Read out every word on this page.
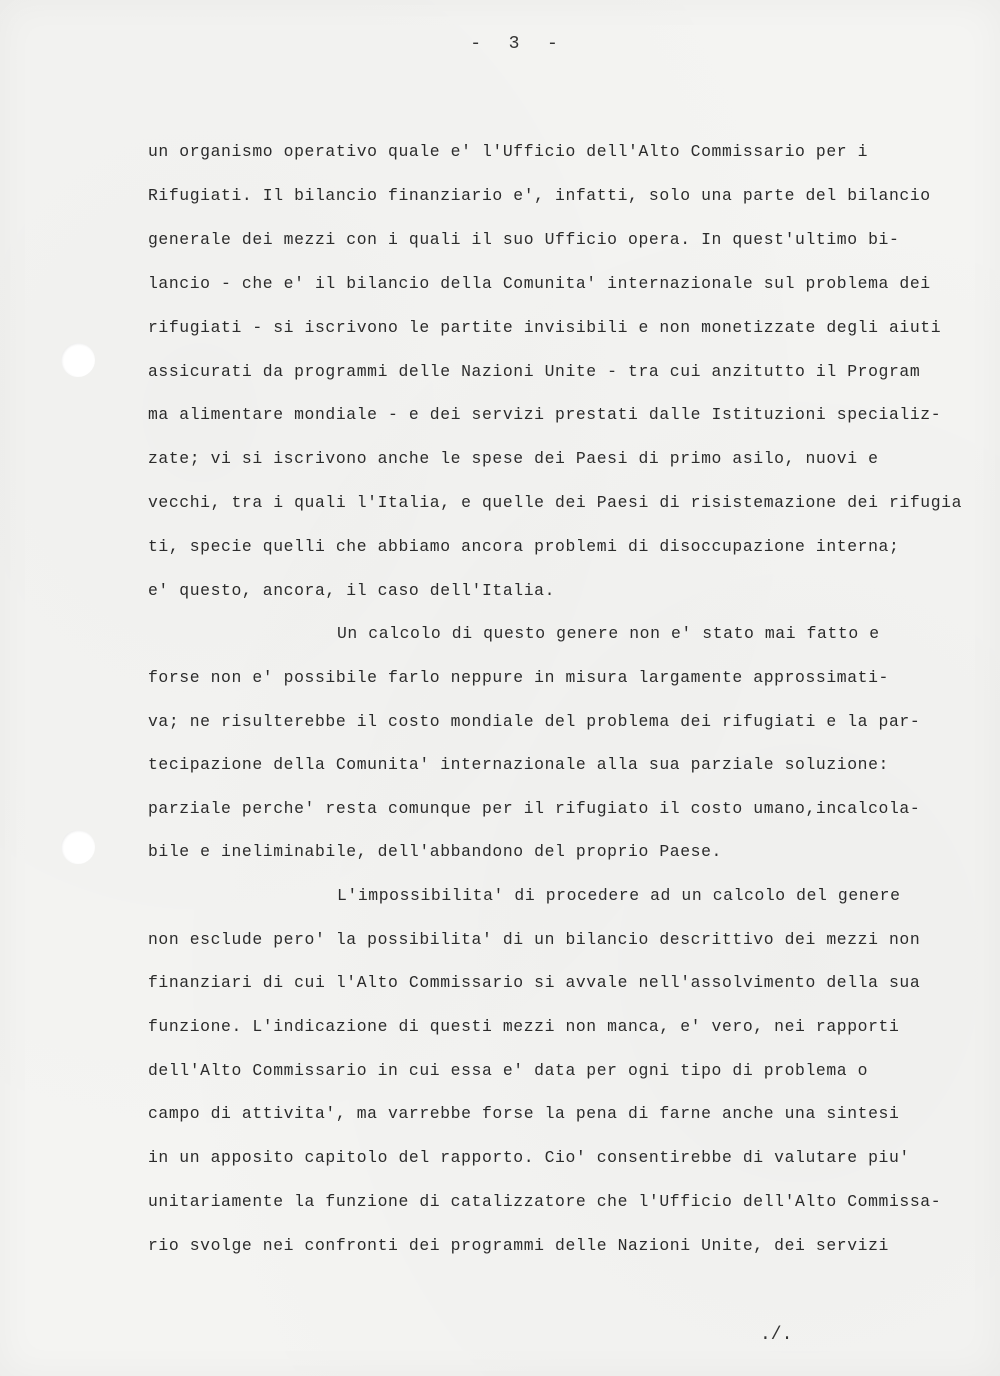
-  3  -
un organismo operativo quale e' l'Ufficio dell'Alto Commissario per i
Rifugiati. Il bilancio finanziario e', infatti, solo una parte del bilancio
generale dei mezzi con i quali il suo Ufficio opera. In quest'ultimo bi-
lancio - che e' il bilancio della Comunita' internazionale sul problema dei
rifugiati - si iscrivono le partite invisibili e non monetizzate degli aiuti
assicurati da programmi delle Nazioni Unite - tra cui anzitutto il Program
ma alimentare mondiale - e dei servizi prestati dalle Istituzioni specializ-
zate; vi si iscrivono anche le spese dei Paesi di primo asilo, nuovi e
vecchi, tra i quali l'Italia, e quelle dei Paesi di risistemazione dei rifugia
ti, specie quelli che abbiamo ancora problemi di disoccupazione interna;
e' questo, ancora, il caso dell'Italia.
Un calcolo di questo genere non e' stato mai fatto e
forse non e' possibile farlo neppure in misura largamente approssimati-
va; ne risulterebbe il costo mondiale del problema dei rifugiati e la par-
tecipazione della Comunita' internazionale alla sua parziale soluzione:
parziale perche' resta comunque per il rifugiato il costo umano,incalcola-
bile e ineliminabile, dell'abbandono del proprio Paese.
L'impossibilita' di procedere ad un calcolo del genere
non esclude pero' la possibilita' di un bilancio descrittivo dei mezzi non
finanziari di cui l'Alto Commissario si avvale nell'assolvimento della sua
funzione. L'indicazione di questi mezzi non manca, e' vero, nei rapporti
dell'Alto Commissario in cui essa e' data per ogni tipo di problema o
campo di attivita', ma varrebbe forse la pena di farne anche una sintesi
in un apposito capitolo del rapporto. Cio' consentirebbe di valutare piu'
unitariamente la funzione di catalizzatore che l'Ufficio dell'Alto Commissa-
rio svolge nei confronti dei programmi delle Nazioni Unite, dei servizi
./.
